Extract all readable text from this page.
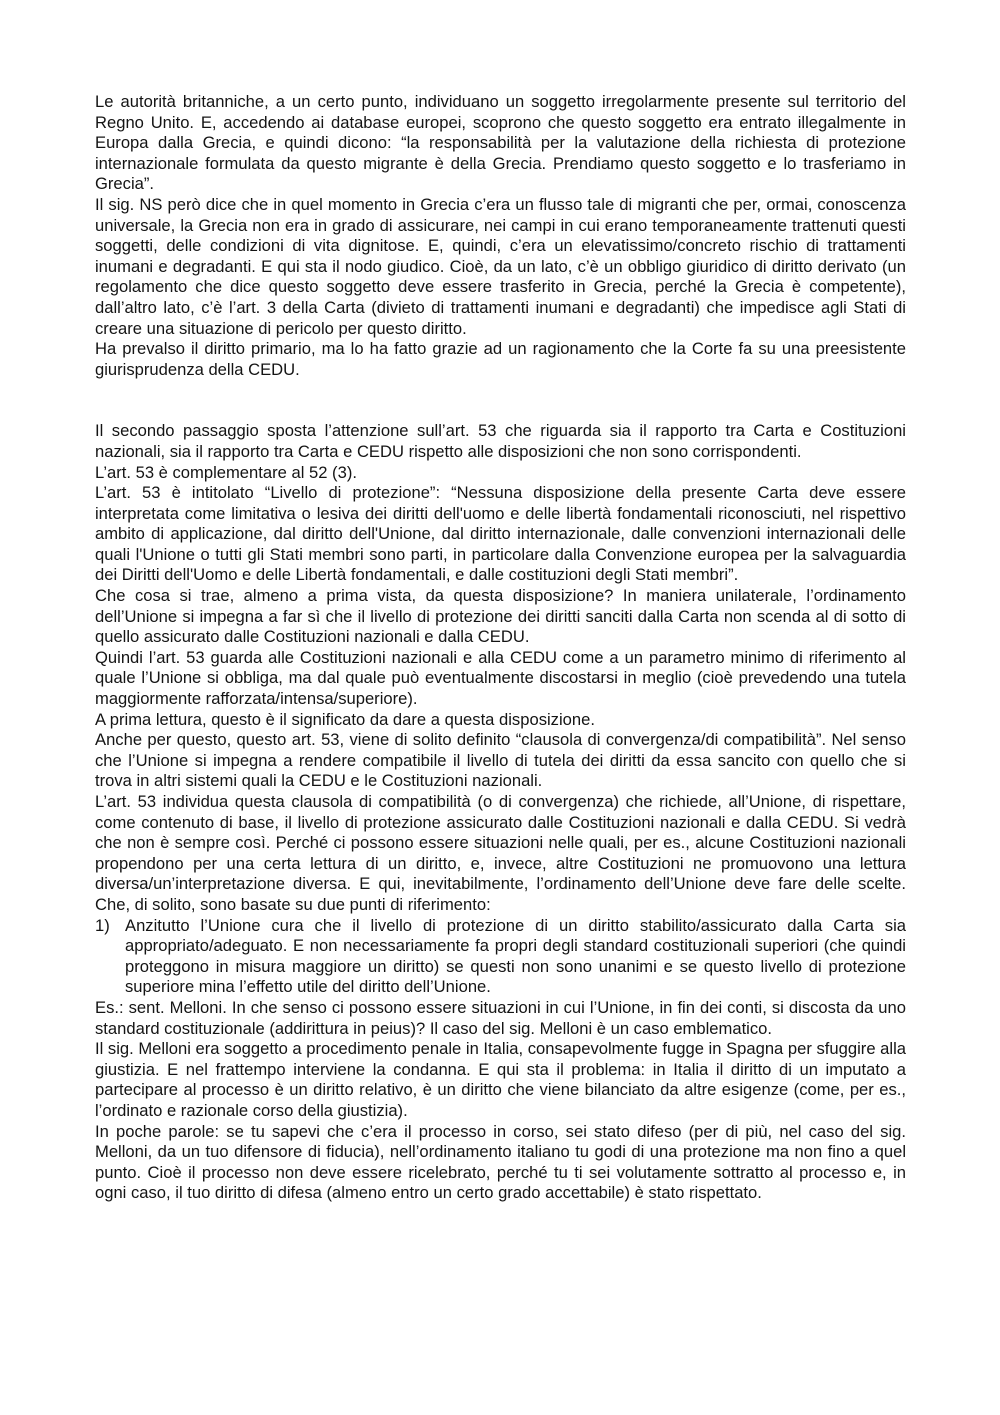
Le autorità britanniche, a un certo punto, individuano un soggetto irregolarmente presente sul territorio del Regno Unito. E, accedendo ai database europei, scoprono che questo soggetto era entrato illegalmente in Europa dalla Grecia, e quindi dicono: “la responsabilità per la valutazione della richiesta di protezione internazionale formulata da questo migrante è della Grecia. Prendiamo questo soggetto e lo trasferiamo in Grecia”.

Il sig. NS però dice che in quel momento in Grecia c’era un flusso tale di migranti che per, ormai, conoscenza universale, la Grecia non era in grado di assicurare, nei campi in cui erano temporaneamente trattenuti questi soggetti, delle condizioni di vita dignitose. E, quindi, c’era un elevatissimo/concreto rischio di trattamenti inumani e degradanti. E qui sta il nodo giudico. Cioè, da un lato, c’è un obbligo giuridico di diritto derivato (un regolamento che dice questo soggetto deve essere trasferito in Grecia, perché la Grecia è competente), dall’altro lato, c’è l’art. 3 della Carta (divieto di trattamenti inumani e degradanti) che impedisce agli Stati di creare una situazione di pericolo per questo diritto.

Ha prevalso il diritto primario, ma lo ha fatto grazie ad un ragionamento che la Corte fa su una preesistente giurisprudenza della CEDU.

Il secondo passaggio sposta l’attenzione sull’art. 53 che riguarda sia il rapporto tra Carta e Costituzioni nazionali, sia il rapporto tra Carta e CEDU rispetto alle disposizioni che non sono corrispondenti.

L’art. 53 è complementare al 52 (3).

L’art. 53 è intitolato “Livello di protezione”: “Nessuna disposizione della presente Carta deve essere interpretata come limitativa o lesiva dei diritti dell'uomo e delle libertà fondamentali riconosciuti, nel rispettivo ambito di applicazione, dal diritto dell'Unione, dal diritto internazionale, dalle convenzioni internazionali delle quali l'Unione o tutti gli Stati membri sono parti, in particolare dalla Convenzione europea per la salvaguardia dei Diritti dell'Uomo e delle Libertà fondamentali, e dalle costituzioni degli Stati membri”.

Che cosa si trae, almeno a prima vista, da questa disposizione? In maniera unilaterale, l’ordinamento dell’Unione si impegna a far sì che il livello di protezione dei diritti sanciti dalla Carta non scenda al di sotto di quello assicurato dalle Costituzioni nazionali e dalla CEDU.

Quindi l’art. 53 guarda alle Costituzioni nazionali e alla CEDU come a un parametro minimo di riferimento al quale l’Unione si obbliga, ma dal quale può eventualmente discostarsi in meglio (cioè prevedendo una tutela maggiormente rafforzata/intensa/superiore).

A prima lettura, questo è il significato da dare a questa disposizione.

Anche per questo, questo art. 53, viene di solito definito “clausola di convergenza/di compatibilità”. Nel senso che l’Unione si impegna a rendere compatibile il livello di tutela dei diritti da essa sancito con quello che si trova in altri sistemi quali la CEDU e le Costituzioni nazionali.

L’art. 53 individua questa clausola di compatibilità (o di convergenza) che richiede, all’Unione, di rispettare, come contenuto di base, il livello di protezione assicurato dalle Costituzioni nazionali e dalla CEDU. Si vedrà che non è sempre così. Perché ci possono essere situazioni nelle quali, per es., alcune Costituzioni nazionali propendono per una certa lettura di un diritto, e, invece, altre Costituzioni ne promuovono una lettura diversa/un’interpretazione diversa. E qui, inevitabilmente, l’ordinamento dell’Unione deve fare delle scelte. Che, di solito, sono basate su due punti di riferimento:

1) Anzitutto l’Unione cura che il livello di protezione di un diritto stabilito/assicurato dalla Carta sia appropriato/adeguato. E non necessariamente fa propri degli standard costituzionali superiori (che quindi proteggono in misura maggiore un diritto) se questi non sono unanimi e se questo livello di protezione superiore mina l’effetto utile del diritto dell’Unione.

Es.: sent. Melloni. In che senso ci possono essere situazioni in cui l’Unione, in fin dei conti, si discosta da uno standard costituzionale (addirittura in peius)? Il caso del sig. Melloni è un caso emblematico.

Il sig. Melloni era soggetto a procedimento penale in Italia, consapevolmente fugge in Spagna per sfuggire alla giustizia. E nel frattempo interviene la condanna. E qui sta il problema: in Italia il diritto di un imputato a partecipare al processo è un diritto relativo, è un diritto che viene bilanciato da altre esigenze (come, per es., l’ordinato e razionale corso della giustizia).

In poche parole: se tu sapevi che c’era il processo in corso, sei stato difeso (per di più, nel caso del sig. Melloni, da un tuo difensore di fiducia), nell’ordinamento italiano tu godi di una protezione ma non fino a quel punto. Cioè il processo non deve essere ricelebrato, perché tu ti sei volutamente sottratto al processo e, in ogni caso, il tuo diritto di difesa (almeno entro un certo grado accettabile) è stato rispettato.
